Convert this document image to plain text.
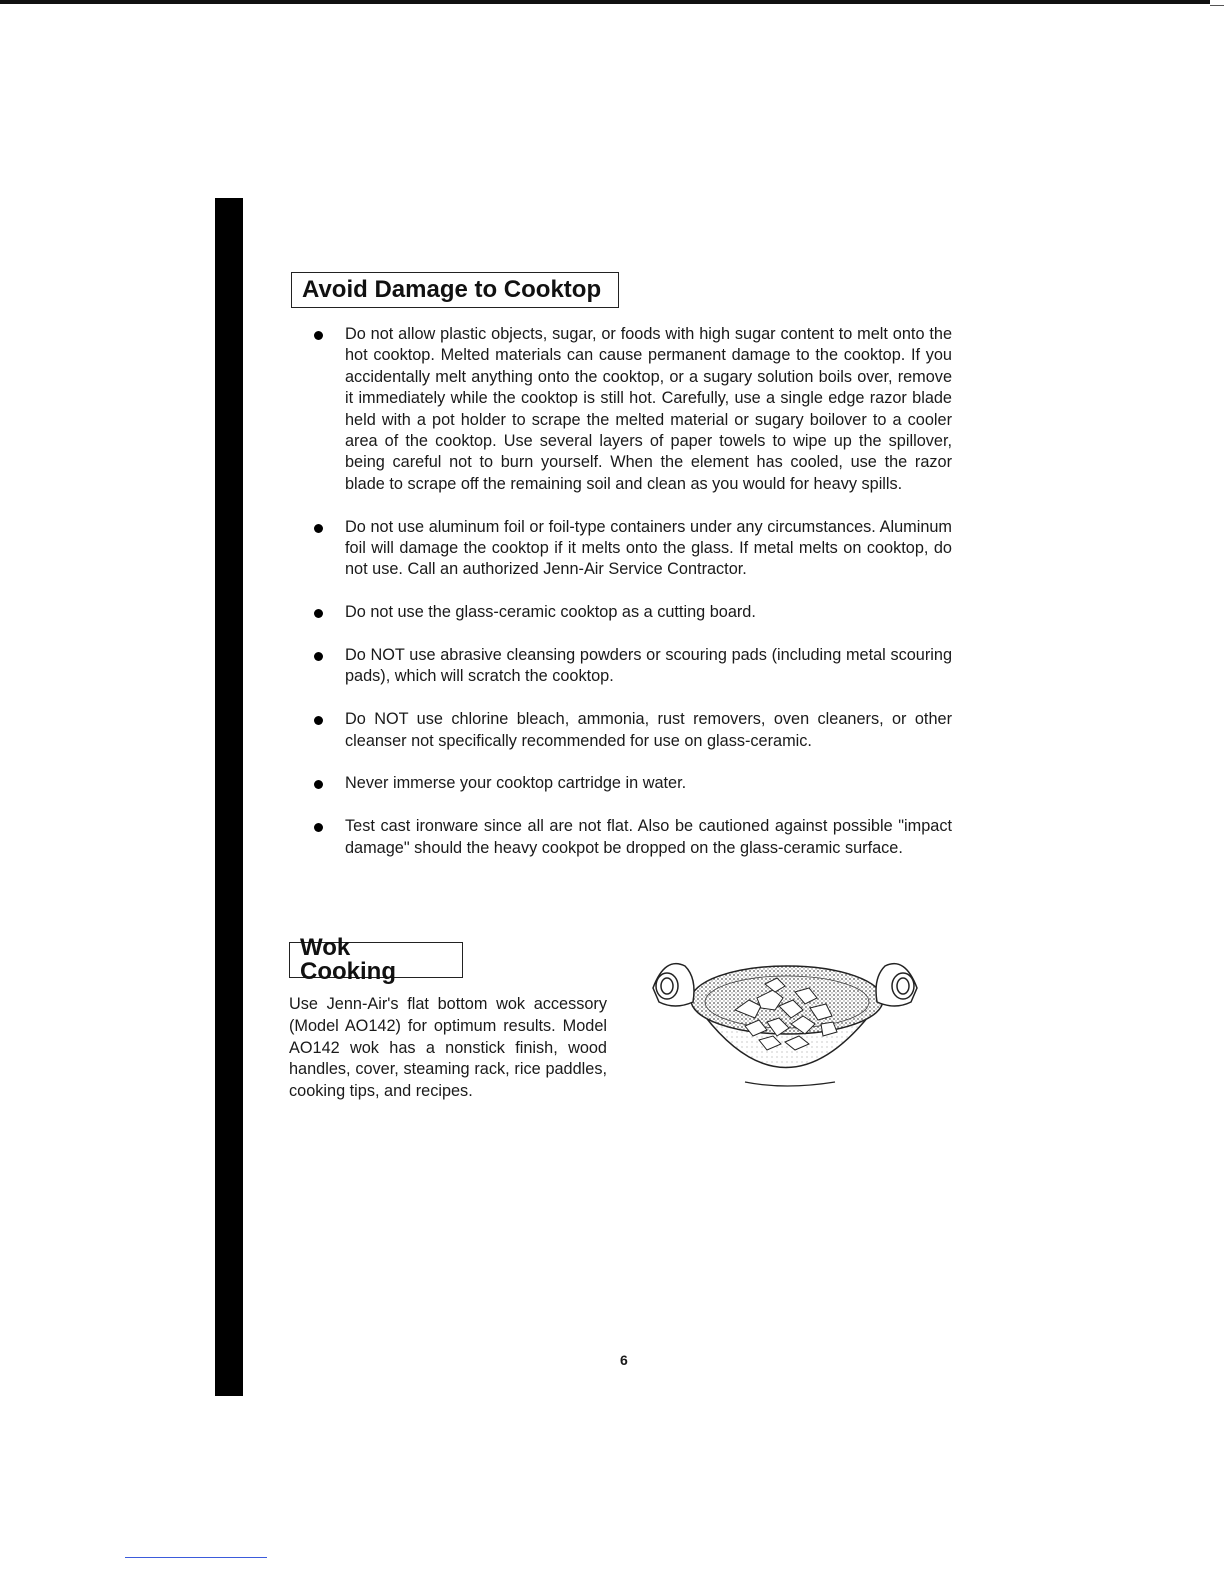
Avoid Damage to Cooktop
Do not allow plastic objects, sugar, or foods with high sugar content to melt onto the hot cooktop. Melted materials can cause permanent damage to the cooktop. If you accidentally melt anything onto the cooktop, or a sugary solution boils over, remove it immediately while the cooktop is still hot. Carefully, use a single edge razor blade held with a pot holder to scrape the melted material or sugary boilover to a cooler area of the cooktop. Use several layers of paper towels to wipe up the spillover, being careful not to burn yourself. When the element has cooled, use the razor blade to scrape off the remaining soil and clean as you would for heavy spills.
Do not use aluminum foil or foil-type containers under any circumstances. Aluminum foil will damage the cooktop if it melts onto the glass. If metal melts on cooktop, do not use. Call an authorized Jenn-Air Service Contractor.
Do not use the glass-ceramic cooktop as a cutting board.
Do NOT use abrasive cleansing powders or scouring pads (including metal scouring pads), which will scratch the cooktop.
Do NOT use chlorine bleach, ammonia, rust removers, oven cleaners, or other cleanser not specifically recommended for use on glass-ceramic.
Never immerse your cooktop cartridge in water.
Test cast ironware since all are not flat. Also be cautioned against possible "impact damage" should the heavy cookpot be dropped on the glass-ceramic surface.
Wok Cooking

Use Jenn-Air's flat bottom wok accessory (Model AO142) for optimum results. Model AO142 wok has a nonstick finish, wood handles, cover, steaming rack, rice paddles, cooking tips, and recipes.

6
